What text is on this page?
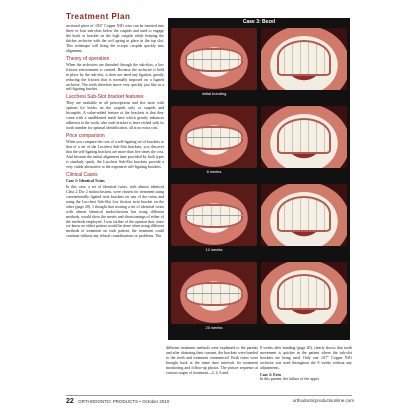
Treatment Plan

sectional piece of .016" Copper NiTi wire can be inserted into three or four sub-slots below the cuspids and used to engage the hook or bracket on the high cuspids while keeping the thicker archwire with the coil spring in place in the top slot. This technique will bring the ectopic cuspids quickly into alignment.

Theory of operation

When the archwires are threaded through the sub-slots, a low friction environment is created. Because the archwire is held in place by the sub-slot, it does not need any ligation, greatly reducing the friction that is normally imposed on a ligated archwire. The teeth therefore move very quickly just like in a self-ligating bracket.

Lucchesi Sub-Slot bracket features

They are available in all prescriptions and slot sizes with options for hooks on the cuspids only or cuspids and bicuspids. A value-added feature of the brackets is that they come with a sandblasted mesh base which greatly enhances adhesion to the tooth, also each bracket is laser etched with its tooth number for optimal identification, all at no extra cost.

Price comparison

When you compare the cost of a self-ligating set of brackets to that of a set of the Lucchesi Sub-Slot brackets, you discover that the self-ligating brackets are more than five times the cost. And because the initial alignment time provided by both types is similarly quick, the Lucchesi Sub-Slot brackets provide a very viable alternative to the expensive self-ligating brackets.

Clinical Cases
Case 1: Identical Twins

In this case, a set of identical twins, with almost identical Class 2 Div 2 malocclusions, were chosen for treatment using conventionally ligated twin brackets on one of the twins and using the Lucchesi Sub-Slot low friction twin bracket on the other (page 20). I thought that treating a set of identical twins with almost identical malocclusions but using different methods, would show the merits and shortcomings of either of the methods employed. I was further of the opinion that, since we know no either patient would be done when using different methods of treatment on each patient, the treatment could continue without any ethical considerations or problems. The

Case 3: Bezel
Initial bonding
8 weeks
12 weeks
20 weeks

different treatment methods were explained to the parents and after obtaining their consent, the brackets were bonded to the teeth and treatment commenced. Both twins were brought back at the same time intervals for treatment monitoring and follow-up photos. The picture sequence at various stages of treatment—2, 4, 6 and

8 weeks after bonding (page 20), clearly shows that tooth movement is quicker in the patient where the sub-slot brackets are being used. Only one .017" Copper NiTi archwire was used throughout the 8 weeks without any adjustments.

Case 2: Erin

In this patient, the failure of the upper

22 ORTHODONTIC PRODUCTS • October 2010	orthodonticproductsonline.com
